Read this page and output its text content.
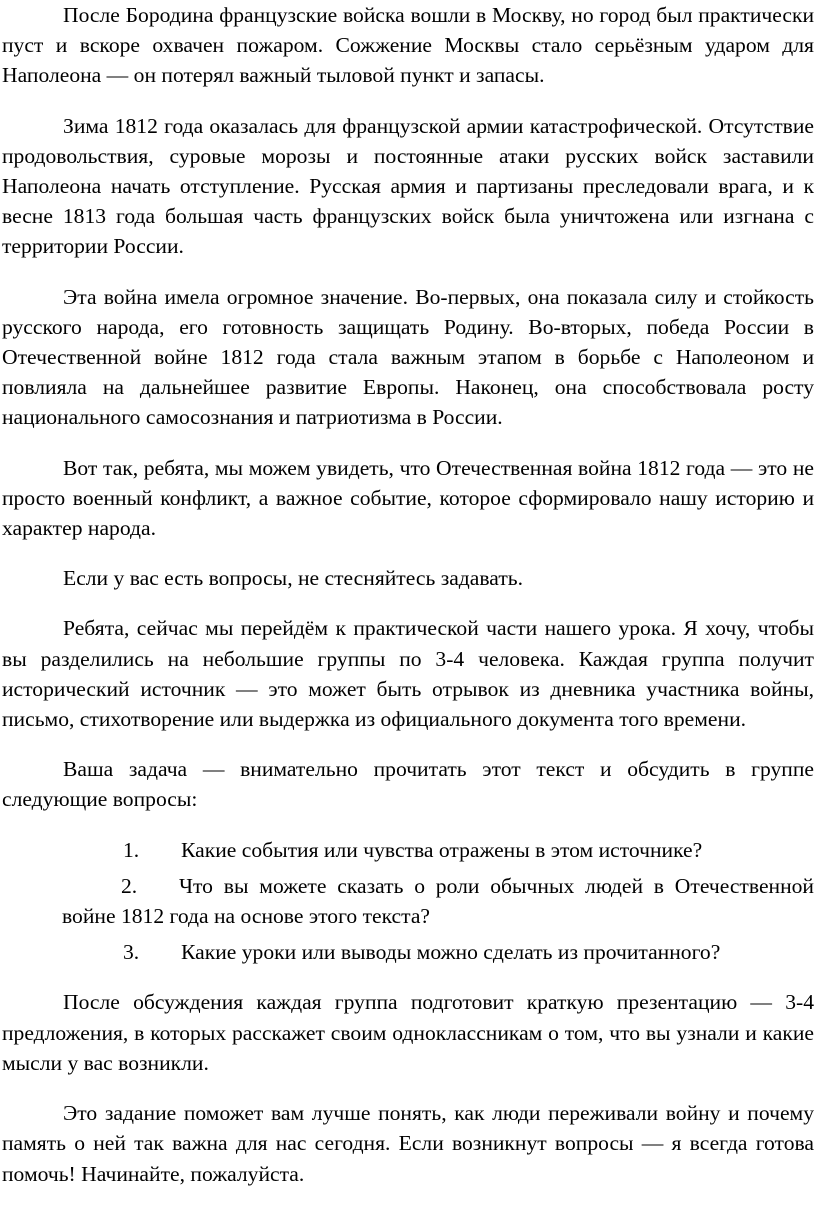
После Бородина французские войска вошли в Москву, но город был практически пуст и вскоре охвачен пожаром. Сожжение Москвы стало серьёзным ударом для Наполеона — он потерял важный тыловой пункт и запасы.

Зима 1812 года оказалась для французской армии катастрофической. Отсутствие продовольствия, суровые морозы и постоянные атаки русских войск заставили Наполеона начать отступление. Русская армия и партизаны преследовали врага, и к весне 1813 года большая часть французских войск была уничтожена или изгнана с территории России.

Эта война имела огромное значение. Во-первых, она показала силу и стойкость русского народа, его готовность защищать Родину. Во-вторых, победа России в Отечественной войне 1812 года стала важным этапом в борьбе с Наполеоном и повлияла на дальнейшее развитие Европы. Наконец, она способствовала росту национального самосознания и патриотизма в России.

Вот так, ребята, мы можем увидеть, что Отечественная война 1812 года — это не просто военный конфликт, а важное событие, которое сформировало нашу историю и характер народа.

Если у вас есть вопросы, не стесняйтесь задавать.

Ребята, сейчас мы перейдём к практической части нашего урока. Я хочу, чтобы вы разделились на небольшие группы по 3-4 человека. Каждая группа получит исторический источник — это может быть отрывок из дневника участника войны, письмо, стихотворение или выдержка из официального документа того времени.

Ваша задача — внимательно прочитать этот текст и обсудить в группе следующие вопросы:

1. Какие события или чувства отражены в этом источнике?

2. Что вы можете сказать о роли обычных людей в Отечественной войне 1812 года на основе этого текста?

3. Какие уроки или выводы можно сделать из прочитанного?

После обсуждения каждая группа подготовит краткую презентацию — 3-4 предложения, в которых расскажет своим одноклассникам о том, что вы узнали и какие мысли у вас возникли.

Это задание поможет вам лучше понять, как люди переживали войну и почему память о ней так важна для нас сегодня. Если возникнут вопросы — я всегда готова помочь! Начинайте, пожалуйста.
